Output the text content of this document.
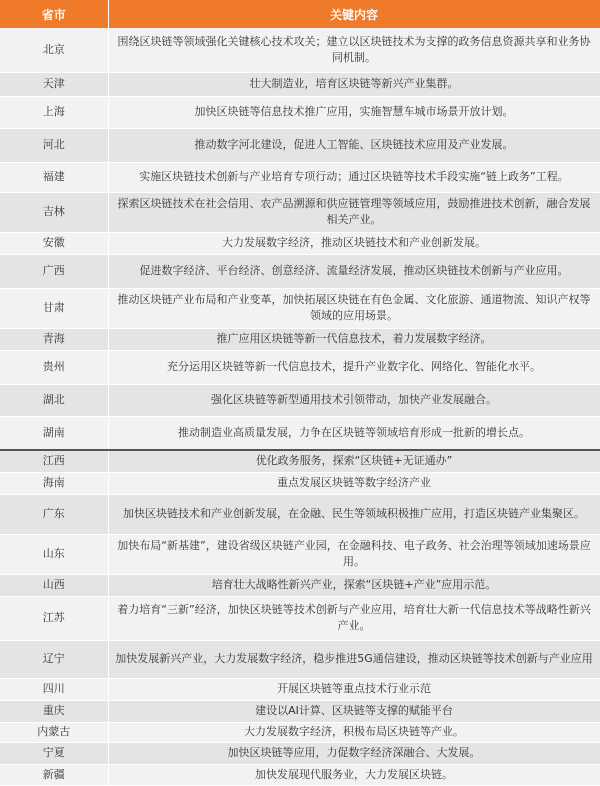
省市	关键内容
北京	围绕区块链等领域强化关键核心技术攻关；建立以区块链技术为支撑的政务信息资源共享和业务协同机制。
天津	壮大制造业，培育区块链等新兴产业集群。
上海	加快区块链等信息技术推广应用，实施智慧车城市场景开放计划。
河北	推动数字河北建设，促进人工智能、区块链技术应用及产业发展。
福建	实施区块链技术创新与产业培育专项行动；通过区块链等技术手段实施“链上政务”工程。
吉林	探索区块链技术在社会信用、农产品溯源和供应链管理等领域应用，鼓励推进技术创新，融合发展相关产业。
安徽	大力发展数字经济，推动区块链技术和产业创新发展。
广西	促进数字经济、平台经济、创意经济、流量经济发展，推动区块链技术创新与产业应用。
甘肃	推动区块链产业布局和产业变革，加快拓展区块链在有色金属、文化旅游、通道物流、知识产权等领域的应用场景。
青海	推广应用区块链等新一代信息技术，着力发展数字经济。
贵州	充分运用区块链等新一代信息技术，提升产业数字化、网络化、智能化水平。
湖北	强化区块链等新型通用技术引领带动，加快产业发展融合。
湖南	推动制造业高质量发展，力争在区块链等领域培育形成一批新的增长点。
江西	优化政务服务，探索“区块链+无证通办”
海南	重点发展区块链等数字经济产业
广东	加快区块链技术和产业创新发展，在金融、民生等领域积极推广应用，打造区块链产业集聚区。
山东	加快布局“新基建”，建设省级区块链产业园，在金融科技、电子政务、社会治理等领域加速场景应用。
山西	培育壮大战略性新兴产业，探索“区块链+产业”应用示范。
江苏	着力培育“三新”经济，加快区块链等技术创新与产业应用，培育壮大新一代信息技术等战略性新兴产业。
辽宁	加快发展新兴产业，大力发展数字经济，稳步推进5G通信建设，推动区块链等技术创新与产业应用
四川	开展区块链等重点技术行业示范
重庆	建设以AI计算、区块链等支撑的赋能平台
内蒙古	大力发展数字经济，积极布局区块链等产业。
宁夏	加快区块链等应用，力促数字经济深融合、大发展。
新疆	加快发展现代服务业，大力发展区块链。
